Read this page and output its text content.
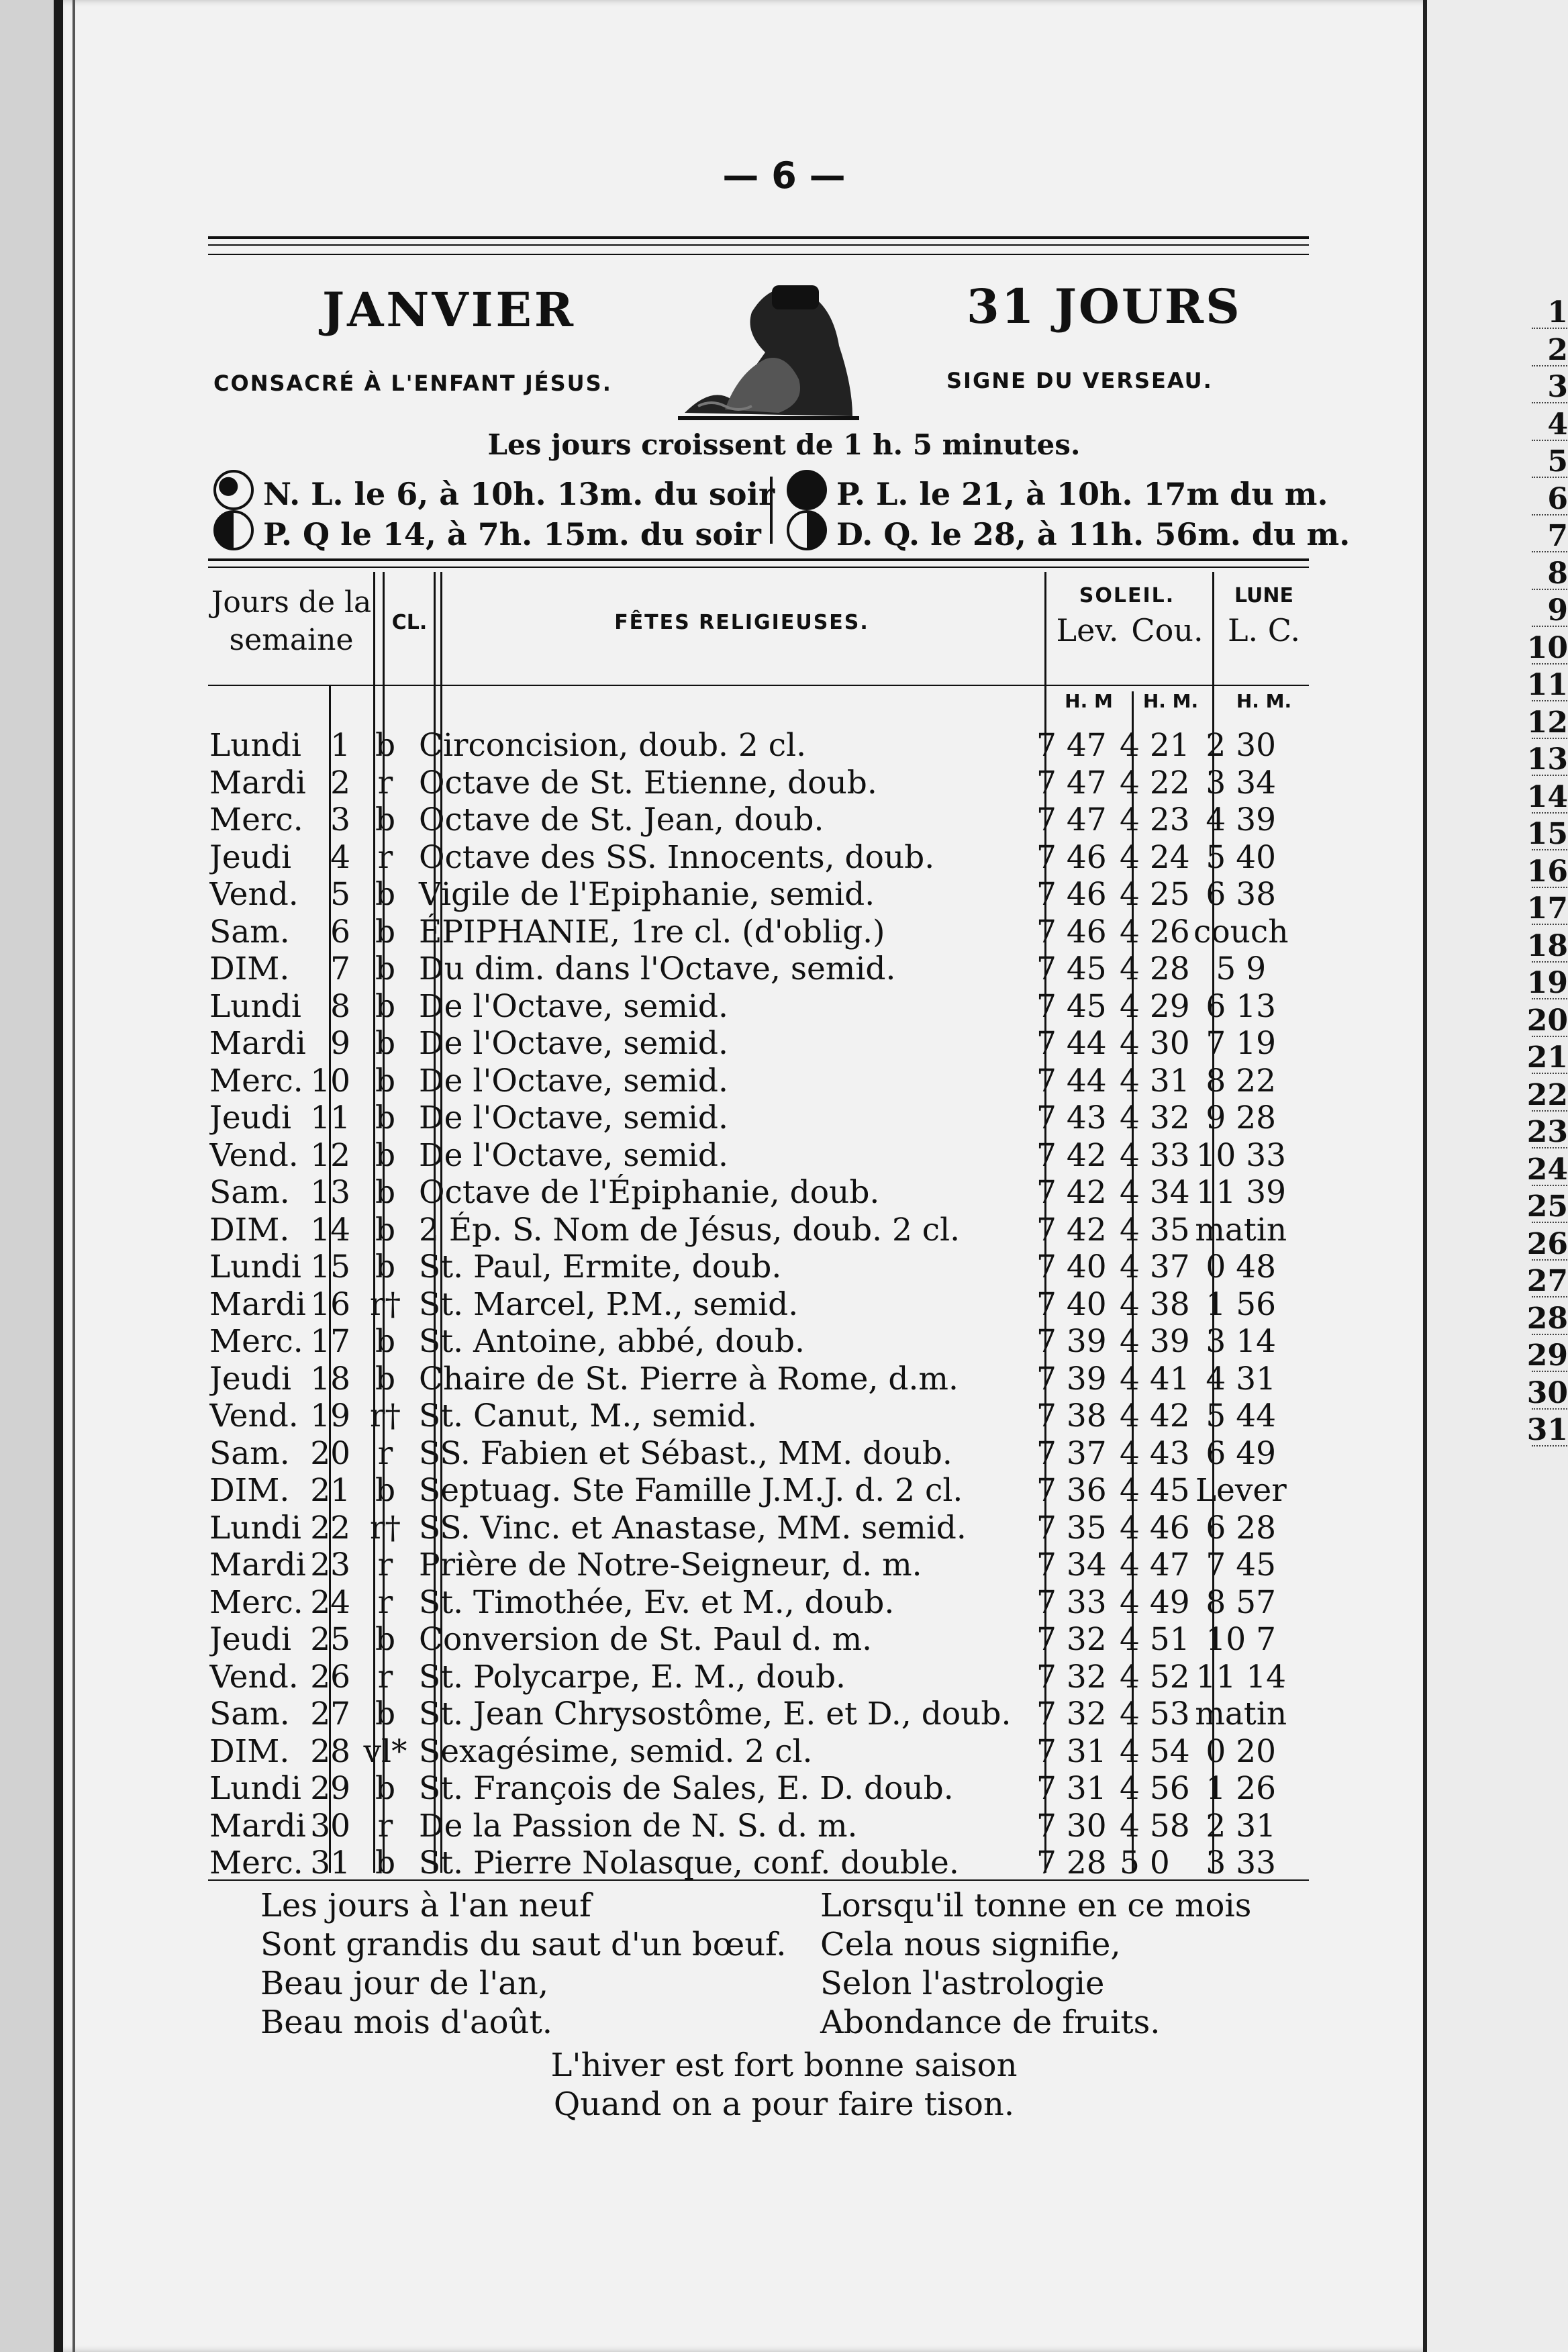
1
2
3
4
5
6
7
8
9
10
11
12
13
14
15
16
17
18
19
20
21
22
23
24
25
26
27
28
29
30
31
— 6 —
JANVIER	31 JOURS
CONSACRÉ À L'ENFANT JÉSUS.	SIGNE DU VERSEAU.
Les jours croissent de 1 h. 5 minutes.
N. L. le 6, à 10h. 13m. du soir
P. Q le 14, à 7h. 15m. du soir
P. L. le 21, à 10h. 17m du m.
D. Q. le 28, à 11h. 56m. du m.
Jours de la semaine
CL.	FÊTES RELIGIEUSES.
SOLEIL.
Lev. Cou.
LUNE
L. C.
H. M	H. M.	H. M.
Lundi	1	b	Circoncision, doub. 2 cl.	7 47	4 21	2 30
Mardi	2	r	Octave de St. Etienne, doub.	7 47	4 22	3 34
Merc.	3	b	Octave de St. Jean, doub.	7 47	4 23	4 39
Jeudi	4	r	Octave des SS. Innocents, doub.	7 46	4 24	5 40
Vend.	5	b	Vigile de l'Epiphanie, semid.	7 46	4 25	6 38
Sam.	6	b	ÉPIPHANIE, 1re cl. (d'oblig.)	7 46	4 26	couch
DIM.	7	b	Du dim. dans l'Octave, semid.	7 45	4 28	5 9
Lundi	8	b	De l'Octave, semid.	7 45	4 29	6 13
Mardi	9	b	De l'Octave, semid.	7 44	4 30	7 19
Merc.	10	b	De l'Octave, semid.	7 44	4 31	8 22
Jeudi	11	b	De l'Octave, semid.	7 43	4 32	9 28
Vend.	12	b	De l'Octave, semid.	7 42	4 33	10 33
Sam.	13	b	Octave de l'Épiphanie, doub.	7 42	4 34	11 39
DIM.	14	b	2 Ép. S. Nom de Jésus, doub. 2 cl.	7 42	4 35	matin
Lundi	15	b	St. Paul, Ermite, doub.	7 40	4 37	0 48
Mardi	16	r†	St. Marcel, P.M., semid.	7 40	4 38	1 56
Merc.	17	b	St. Antoine, abbé, doub.	7 39	4 39	3 14
Jeudi	18	b	Chaire de St. Pierre à Rome, d.m.	7 39	4 41	4 31
Vend.	19	r†	St. Canut, M., semid.	7 38	4 42	5 44
Sam.	20	r	SS. Fabien et Sébast., MM. doub.	7 37	4 43	6 49
DIM.	21	b	Septuag. Ste Famille J.M.J. d. 2 cl.	7 36	4 45	Lever
Lundi	22	r†	SS. Vinc. et Anastase, MM. semid.	7 35	4 46	6 28
Mardi	23	r	Prière de Notre-Seigneur, d. m.	7 34	4 47	7 45
Merc.	24	r	St. Timothée, Ev. et M., doub.	7 33	4 49	8 57
Jeudi	25	b	Conversion de St. Paul d. m.	7 32	4 51	10 7
Vend.	26	r	St. Polycarpe, E. M., doub.	7 32	4 52	11 14
Sam.	27	b	St. Jean Chrysostôme, E. et D., doub.	7 32	4 53	matin
DIM.	28	vl*	Sexagésime, semid. 2 cl.	7 31	4 54	0 20
Lundi	29	b	St. François de Sales, E. D. doub.	7 31	4 56	1 26
Mardi	30	r	De la Passion de N. S. d. m.	7 30	4 58	2 31
Merc.	31	b	St. Pierre Nolasque, conf. double.	7 28	5 0	3 33
Les jours à l'an neuf
Sont grandis du saut d'un bœuf.
Beau jour de l'an,
Beau mois d'août.
Lorsqu'il tonne en ce mois
Cela nous signifie,
Selon l'astrologie
Abondance de fruits.
L'hiver est fort bonne saison
Quand on a pour faire tison.
